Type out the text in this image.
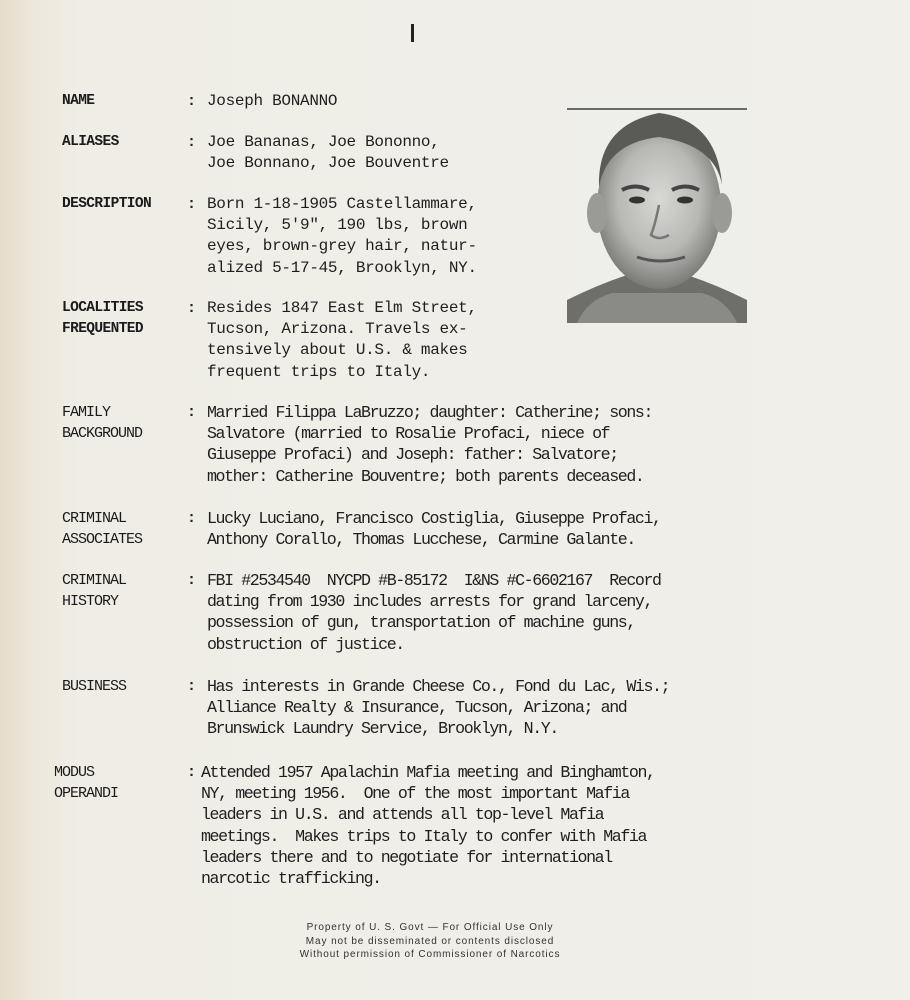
NAME	: Joseph BONANNO
ALIASES	: Joe Bananas, Joe Bononno,
Joe Bonnano, Joe Bouventre
DESCRIPTION	: Born 1-18-1905 Castellammare,
Sicily, 5'9", 190 lbs, brown
eyes, brown-grey hair, natur-
alized 5-17-45, Brooklyn, NY.
LOCALITIES
FREQUENTED
: Resides 1847 East Elm Street,
Tucson, Arizona. Travels ex-
tensively about U.S. & makes
frequent trips to Italy.
FAMILY
BACKGROUND
: Married Filippa LaBruzzo; daughter: Catherine; sons:
Salvatore (married to Rosalie Profaci, niece of
Giuseppe Profaci) and Joseph: father: Salvatore;
mother: Catherine Bouventre; both parents deceased.
CRIMINAL
ASSOCIATES
: Lucky Luciano, Francisco Costiglia, Giuseppe Profaci,
Anthony Corallo, Thomas Lucchese, Carmine Galante.
CRIMINAL
HISTORY
: FBI #2534540  NYCPD #B-85172  I&NS #C-6602167  Record
dating from 1930 includes arrests for grand larceny,
possession of gun, transportation of machine guns,
obstruction of justice.
BUSINESS	: Has interests in Grande Cheese Co., Fond du Lac, Wis.;
Alliance Realty & Insurance, Tucson, Arizona; and
Brunswick Laundry Service, Brooklyn, N.Y.
MODUS
OPERANDI
: Attended 1957 Apalachin Mafia meeting and Binghamton,
NY, meeting 1956.  One of the most important Mafia
leaders in U.S. and attends all top-level Mafia
meetings.  Makes trips to Italy to confer with Mafia
leaders there and to negotiate for international
narcotic trafficking.
Property of U. S. Govt — For Official Use Only
May not be disseminated or contents disclosed
Without permission of Commissioner of Narcotics
